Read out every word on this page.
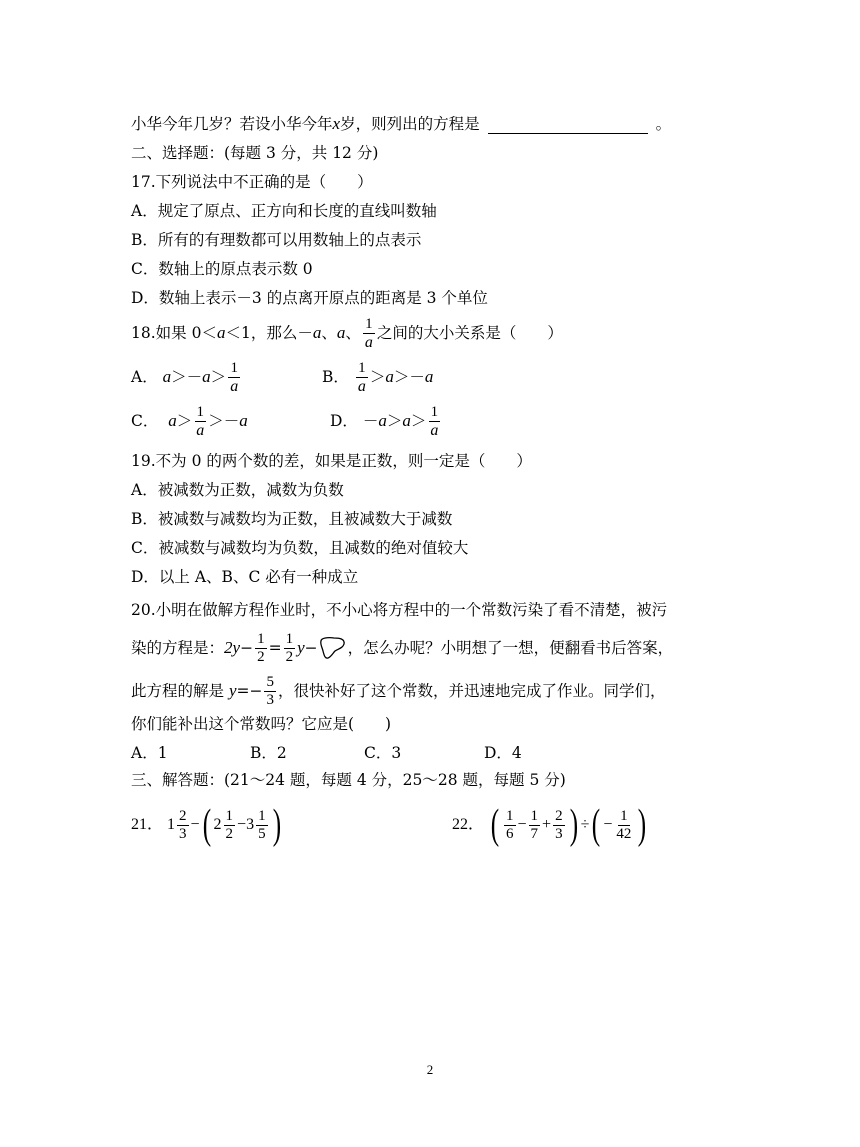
小华今年几岁？若设小华今年x岁，则列出的方程是	。
二、选择题：(每题 3 分，共 12 分)
17.下列说法中不正确的是（　　）
A．规定了原点、正方向和长度的直线叫数轴
B．所有的有理数都可以用数轴上的点表示
C．数轴上的原点表示数 0
D．数轴上表示－3 的点离开原点的距离是 3 个单位
18.如果 0＜ a ＜1，那么－ a 、 a 、 $\frac{1}{a}$ 之间的大小关系是（　　）
A．
a ＞ － $a > \frac{1}{a}$	B．
$\frac{1}{a} > a$ ＞ － a
C．
$a > \frac{1}{a}$ ＞ － a	D．
－ $a > a > \frac{1}{a}$
19.不为 0 的两个数的差，如果是正数，则一定是（　　）
A．被减数为正数，减数为负数
B．被减数与减数均为正数，且被减数大于减数
C．被减数与减数均为负数，且减数的绝对值较大
D．以上 A、B、C 必有一种成立
20.小明在做解方程作业时，不小心将方程中的一个常数污染了看不清楚，被污
染的方程是： $2y - \frac{1}{2} = \frac{1}{2}$ y − ，怎么办呢？小明想了一想，便翻看书后答案，
此方程的解是
$y =- \frac{5}{3}$ ，很快补好了这个常数，并迅速地完成了作业。同学们，
你们能补出这个常数吗？它应是(　　)
A．1	B．2	C．3	D．4
三、解答题：(21～24 题，每题 4 分，25～28 题，每题 5 分)
21．
$1 \frac{2}{3}$ − ( $2 \frac{1}{2} - 3 \frac{1}{5}$ )	22．
( $\frac{1}{6} - \frac{1}{7} + \frac{2}{3}$ ) ÷ ( − $\frac{1}{42}$ )
2
